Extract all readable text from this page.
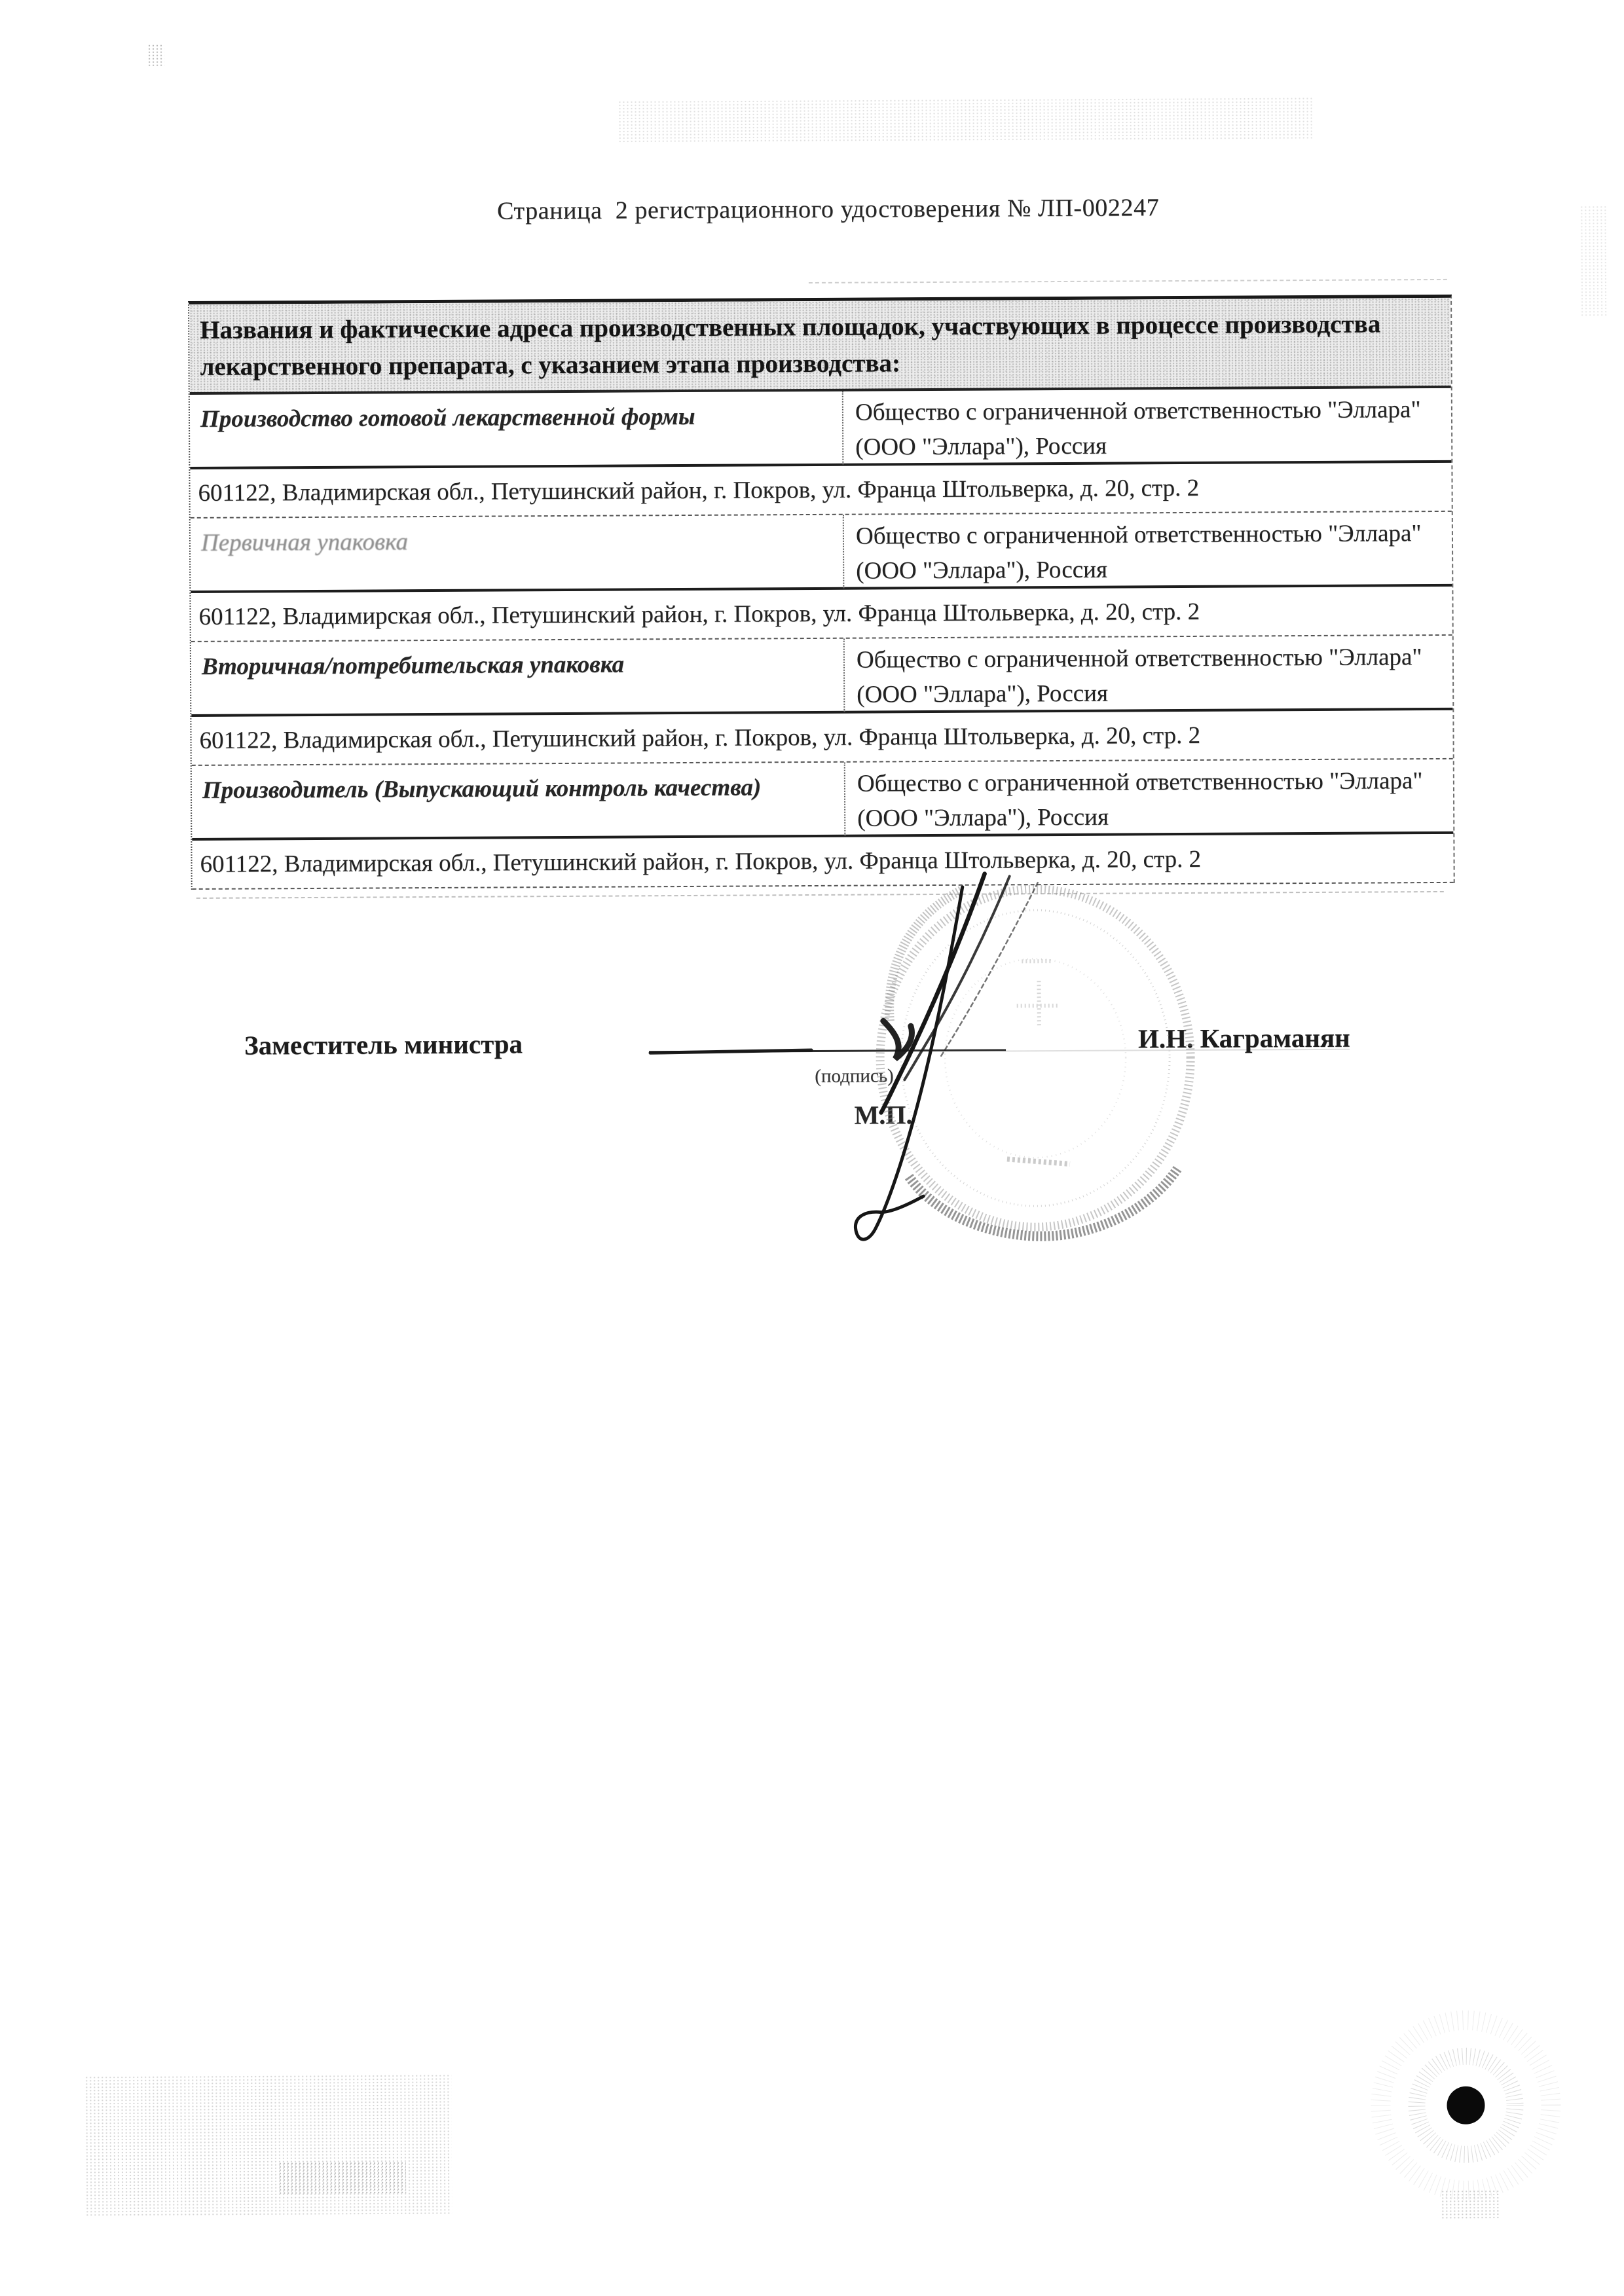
Страница  2 регистрационного удостоверения № ЛП-002247

Названия и фактические адреса производственных площадок, участвующих в процессе производства лекарственного препарата, с указанием этапа производства:
Производство готовой лекарственной формы	Общество с ограниченной ответственностью "Эллара" (ООО "Эллара"), Россия
601122, Владимирская обл., Петушинский район, г. Покров, ул. Франца Штольверка, д. 20, стр. 2
Первичная упаковка	Общество с ограниченной ответственностью "Эллара" (ООО "Эллара"), Россия
601122, Владимирская обл., Петушинский район, г. Покров, ул. Франца Штольверка, д. 20, стр. 2
Вторичная/потребительская упаковка	Общество с ограниченной ответственностью "Эллара" (ООО "Эллара"), Россия
601122, Владимирская обл., Петушинский район, г. Покров, ул. Франца Штольверка, д. 20, стр. 2
Производитель (Выпускающий контроль качества)	Общество с ограниченной ответственностью "Эллара" (ООО "Эллара"), Россия
601122, Владимирская обл., Петушинский район, г. Покров, ул. Франца Штольверка, д. 20, стр. 2
Заместитель министра
(подпись)
М.П.
И.Н. Каграманян
